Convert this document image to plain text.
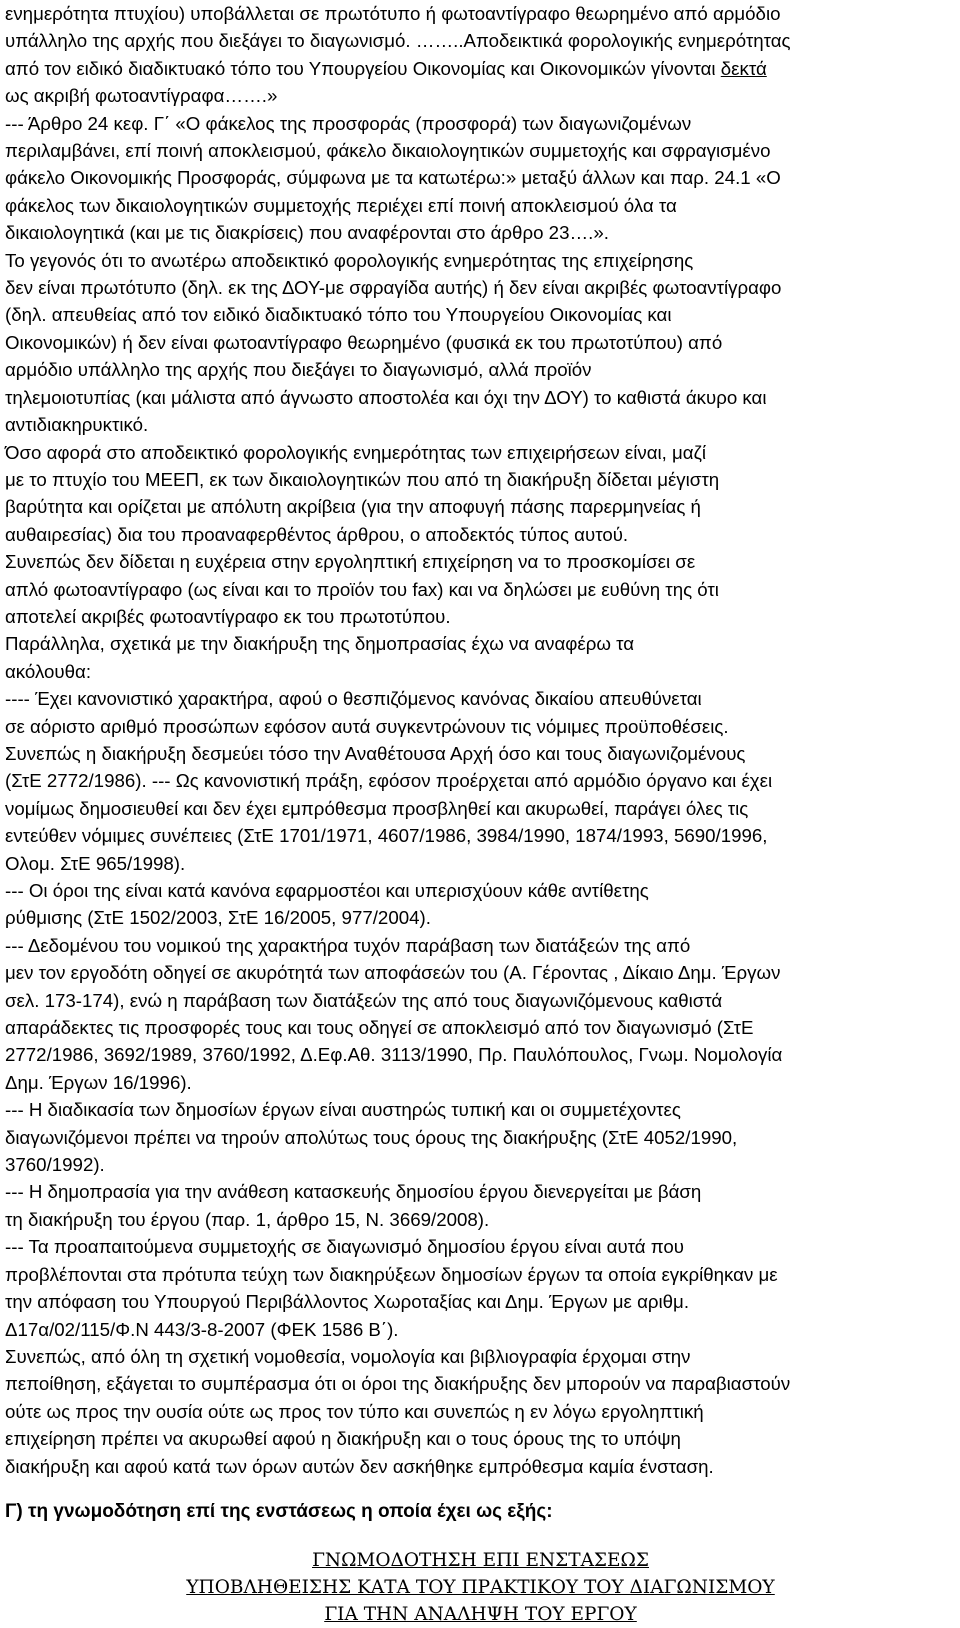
ενημερότητα πτυχίου) υποβάλλεται σε πρωτότυπο ή φωτοαντίγραφο θεωρημένο από αρμόδιο
υπάλληλο της αρχής που διεξάγει το διαγωνισμό. ……..Αποδεικτικά φορολογικής ενημερότητας
από τον ειδικό διαδικτυακό τόπο του Υπουργείου Οικονομίας και Οικονομικών γίνονται δεκτά
ως ακριβή φωτοαντίγραφα…….»

--- Άρθρο 24 κεφ. Γ΄ «Ο φάκελος της προσφοράς (προσφορά) των διαγωνιζομένων
περιλαμβάνει, επί ποινή αποκλεισμού, φάκελο δικαιολογητικών συμμετοχής και σφραγισμένο
φάκελο Οικονομικής Προσφοράς, σύμφωνα με τα κατωτέρω:» μεταξύ άλλων και παρ. 24.1 «Ο
φάκελος των δικαιολογητικών συμμετοχής περιέχει επί ποινή αποκλεισμού όλα τα
δικαιολογητικά (και με τις διακρίσεις) που αναφέρονται στο άρθρο 23….».

Το γεγονός ότι το ανωτέρω αποδεικτικό φορολογικής ενημερότητας της επιχείρησης
δεν είναι πρωτότυπο (δηλ. εκ της ΔΟΥ-με σφραγίδα αυτής) ή δεν είναι ακριβές φωτοαντίγραφο
(δηλ. απευθείας από τον ειδικό διαδικτυακό τόπο του Υπουργείου Οικονομίας και
Οικονομικών) ή δεν είναι φωτοαντίγραφο θεωρημένο (φυσικά εκ του πρωτοτύπου) από
αρμόδιο υπάλληλο της αρχής που διεξάγει το διαγωνισμό, αλλά προϊόν
τηλεμοιοτυπίας (και μάλιστα από άγνωστο αποστολέα και όχι την ΔΟΥ) το καθιστά άκυρο και
αντιδιακηρυκτικό.

Όσο αφορά στο αποδεικτικό φορολογικής ενημερότητας των επιχειρήσεων είναι, μαζί
με το πτυχίο του ΜΕΕΠ, εκ των δικαιολογητικών που από τη διακήρυξη δίδεται μέγιστη
βαρύτητα και ορίζεται με απόλυτη ακρίβεια (για την αποφυγή πάσης παρερμηνείας ή
αυθαιρεσίας) δια του προαναφερθέντος άρθρου, ο αποδεκτός τύπος αυτού.

Συνεπώς δεν δίδεται η ευχέρεια στην εργοληπτική επιχείρηση να το προσκομίσει σε
απλό φωτοαντίγραφο (ως είναι και το προϊόν του fax) και να δηλώσει με ευθύνη της ότι
αποτελεί ακριβές φωτοαντίγραφο εκ του πρωτοτύπου.

Παράλληλα, σχετικά με την διακήρυξη της δημοπρασίας έχω να αναφέρω τα
ακόλουθα:

---- Έχει κανονιστικό χαρακτήρα, αφού ο θεσπιζόμενος κανόνας δικαίου απευθύνεται
σε αόριστο αριθμό προσώπων εφόσον αυτά συγκεντρώνουν τις νόμιμες προϋποθέσεις.
Συνεπώς η διακήρυξη δεσμεύει τόσο την Αναθέτουσα Αρχή όσο και τους διαγωνιζομένους
(ΣτΕ 2772/1986). --- Ως κανονιστική πράξη, εφόσον προέρχεται από αρμόδιο όργανο και έχει
νομίμως δημοσιευθεί και δεν έχει εμπρόθεσμα προσβληθεί και ακυρωθεί, παράγει όλες τις
εντεύθεν νόμιμες συνέπειες (ΣτΕ 1701/1971, 4607/1986, 3984/1990, 1874/1993, 5690/1996,
Ολομ. ΣτΕ 965/1998).

--- Οι όροι της είναι κατά κανόνα εφαρμοστέοι και υπερισχύουν κάθε αντίθετης
ρύθμισης (ΣτΕ 1502/2003, ΣτΕ 16/2005, 977/2004).

--- Δεδομένου του νομικού της χαρακτήρα τυχόν παράβαση των διατάξεών της από
μεν τον εργοδότη οδηγεί σε ακυρότητά των αποφάσεών του (Α. Γέροντας , Δίκαιο Δημ. Έργων
σελ. 173-174), ενώ η παράβαση των διατάξεών της από τους διαγωνιζόμενους καθιστά
απαράδεκτες τις προσφορές τους και τους οδηγεί σε αποκλεισμό από τον διαγωνισμό (ΣτΕ
2772/1986, 3692/1989, 3760/1992, Δ.Εφ.Αθ. 3113/1990, Πρ. Παυλόπουλος, Γνωμ. Νομολογία
Δημ. Έργων 16/1996).

--- Η διαδικασία των δημοσίων έργων είναι αυστηρώς τυπική και οι συμμετέχοντες
διαγωνιζόμενοι πρέπει να τηρούν απολύτως τους όρους της διακήρυξης (ΣτΕ 4052/1990,
3760/1992).

--- Η δημοπρασία για την ανάθεση κατασκευής δημοσίου έργου διενεργείται με βάση
τη διακήρυξη του έργου (παρ. 1, άρθρο 15, Ν. 3669/2008).

--- Τα προαπαιτούμενα συμμετοχής σε διαγωνισμό δημοσίου έργου είναι αυτά που
προβλέπονται στα πρότυπα τεύχη των διακηρύξεων δημοσίων έργων τα οποία εγκρίθηκαν με
την απόφαση του Υπουργού Περιβάλλοντος Χωροταξίας και Δημ. Έργων με αριθμ.
Δ17α/02/115/Φ.Ν 443/3-8-2007 (ΦΕΚ 1586 Β΄).

Συνεπώς, από όλη τη σχετική νομοθεσία, νομολογία και βιβλιογραφία έρχομαι στην
πεποίθηση, εξάγεται το συμπέρασμα ότι οι όροι της διακήρυξης δεν μπορούν να παραβιαστούν
ούτε ως προς την ουσία ούτε ως προς τον τύπο και συνεπώς η εν λόγω εργοληπτική
επιχείρηση πρέπει να ακυρωθεί αφού η διακήρυξη και ο τους όρους της το υπόψη
διακήρυξη και αφού κατά των όρων αυτών δεν ασκήθηκε εμπρόθεσμα καμία ένσταση.

Γ) τη γνωμοδότηση επί της ενστάσεως η οποία έχει ως εξής:
ΓΝΩΜΟΔΟΤΗΣΗ ΕΠΙ ΕΝΣΤΑΣΕΩΣ
ΥΠΟΒΛΗΘΕΙΣΗΣ ΚΑΤΑ ΤΟΥ ΠΡΑΚΤΙΚΟΥ ΤΟΥ ΔΙΑΓΩΝΙΣΜΟΥ
ΓΙΑ ΤΗΝ ΑΝΑΛΗΨΗ ΤΟΥ ΕΡΓΟΥ
